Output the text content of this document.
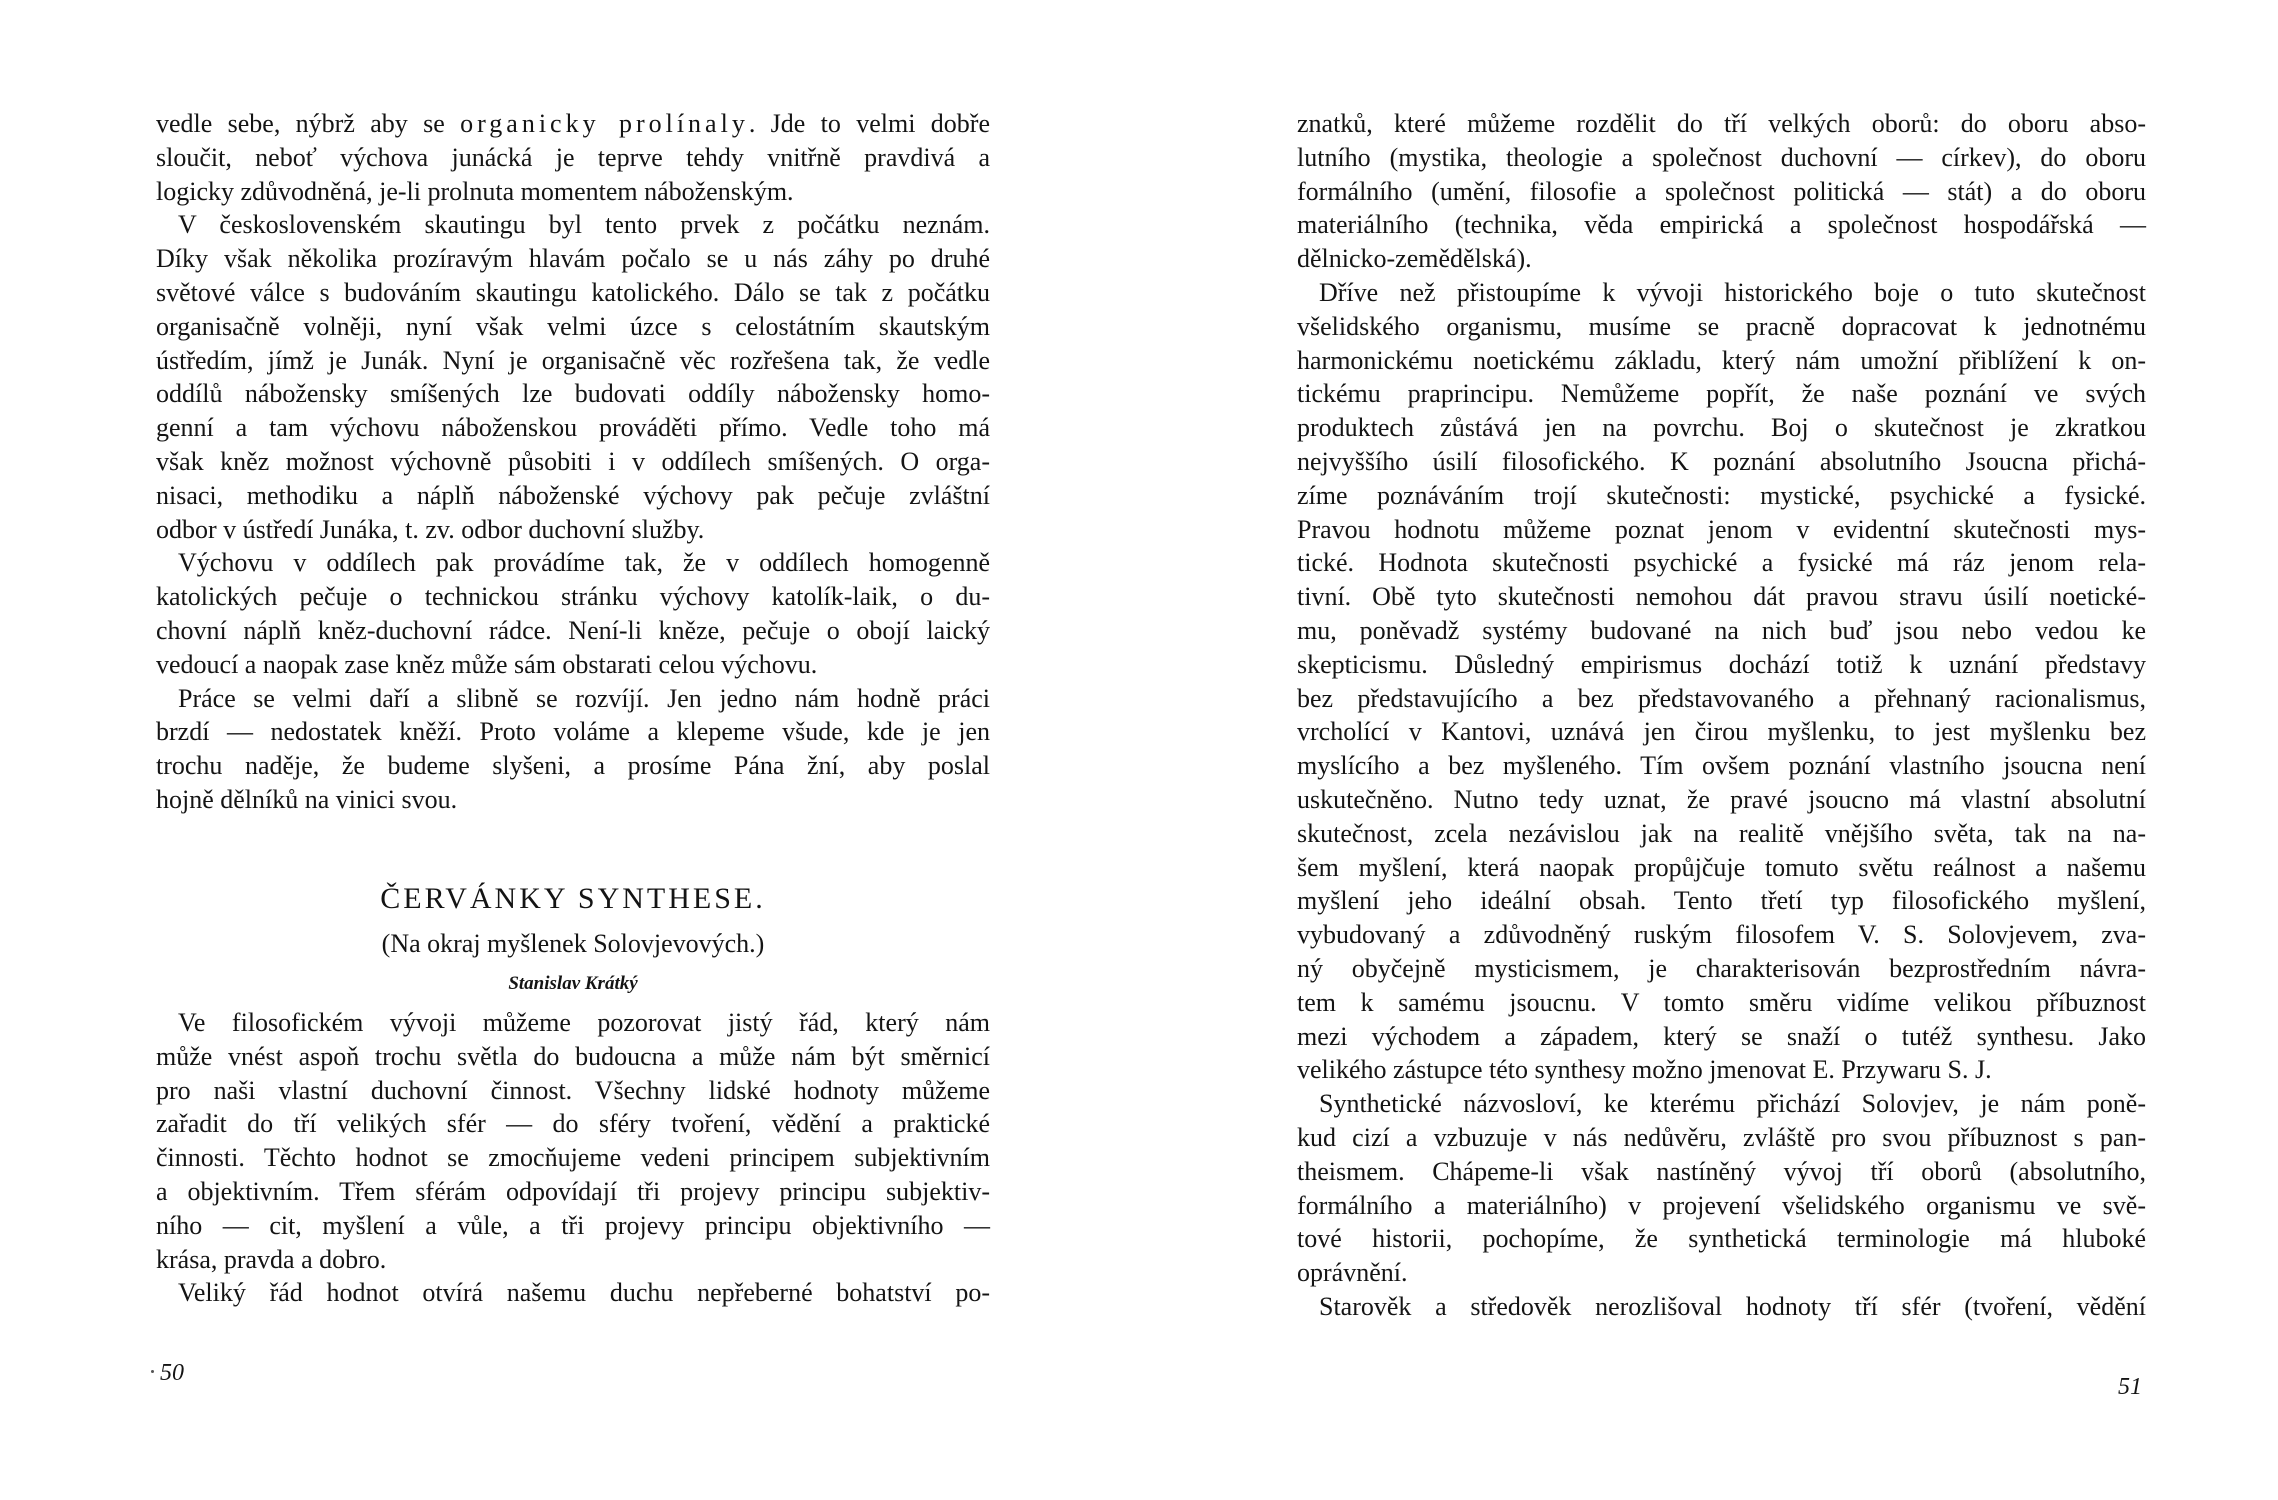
vedle sebe, nýbrž aby se organicky prolínaly. Jde to velmi dobře
sloučit, neboť výchova junácká je teprve tehdy vnitřně pravdivá a
logicky zdůvodněná, je-li prolnuta momentem náboženským.
V československém skautingu byl tento prvek z počátku neznám.
Díky však několika prozíravým hlavám počalo se u nás záhy po druhé
světové válce s budováním skautingu katolického. Dálo se tak z počátku
organisačně volněji, nyní však velmi úzce s celostátním skautským
ústředím, jímž je Junák. Nyní je organisačně věc rozřešena tak, že vedle
oddílů nábožensky smíšených lze budovati oddíly nábožensky homo-
genní a tam výchovu náboženskou prováděti přímo. Vedle toho má
však kněz možnost výchovně působiti i v oddílech smíšených. O orga-
nisaci, methodiku a náplň náboženské výchovy pak pečuje zvláštní
odbor v ústředí Junáka, t. zv. odbor duchovní služby.
Výchovu v oddílech pak provádíme tak, že v oddílech homogenně
katolických pečuje o technickou stránku výchovy katolík-laik, o du-
chovní náplň kněz-duchovní rádce. Není-li kněze, pečuje o obojí laický
vedoucí a naopak zase kněz může sám obstarati celou výchovu.
Práce se velmi daří a slibně se rozvíjí. Jen jedno nám hodně práci
brzdí — nedostatek kněží. Proto voláme a klepeme všude, kde je jen
trochu naděje, že budeme slyšeni, a prosíme Pána žní, aby poslal
hojně dělníků na vinici svou.
ČERVÁNKY SYNTHESE.
(Na okraj myšlenek Solovjevových.)
Stanislav Krátký
Ve filosofickém vývoji můžeme pozorovat jistý řád, který nám
může vnést aspoň trochu světla do budoucna a může nám být směrnicí
pro naši vlastní duchovní činnost. Všechny lidské hodnoty můžeme
zařadit do tří velikých sfér — do sféry tvoření, vědění a praktické
činnosti. Těchto hodnot se zmocňujeme vedeni principem subjektivním
a objektivním. Třem sférám odpovídají tři projevy principu subjektiv-
ního — cit, myšlení a vůle, a tři projevy principu objektivního —
krása, pravda a dobro.
Veliký řád hodnot otvírá našemu duchu nepřeberné bohatství po-
50
znatků, které můžeme rozdělit do tří velkých oborů: do oboru abso-
lutního (mystika, theologie a společnost duchovní — církev), do oboru
formálního (umění, filosofie a společnost politická — stát) a do oboru
materiálního (technika, věda empirická a společnost hospodářská —
dělnicko-zemědělská).
Dříve než přistoupíme k vývoji historického boje o tuto skutečnost
všelidského organismu, musíme se pracně dopracovat k jednotnému
harmonickému noetickému základu, který nám umožní přiblížení k on-
tickému praprincipu. Nemůžeme popřít, že naše poznání ve svých
produktech zůstává jen na povrchu. Boj o skutečnost je zkratkou
nejvyššího úsilí filosofického. K poznání absolutního Jsoucna přichá-
zíme poznáváním trojí skutečnosti: mystické, psychické a fysické.
Pravou hodnotu můžeme poznat jenom v evidentní skutečnosti mys-
tické. Hodnota skutečnosti psychické a fysické má ráz jenom rela-
tivní. Obě tyto skutečnosti nemohou dát pravou stravu úsilí noetické-
mu, poněvadž systémy budované na nich buď jsou nebo vedou ke
skepticismu. Důsledný empirismus dochází totiž k uznání představy
bez představujícího a bez představovaného a přehnaný racionalismus,
vrcholící v Kantovi, uznává jen čirou myšlenku, to jest myšlenku bez
myslícího a bez myšleného. Tím ovšem poznání vlastního jsoucna není
uskutečněno. Nutno tedy uznat, že pravé jsoucno má vlastní absolutní
skutečnost, zcela nezávislou jak na realitě vnějšího světa, tak na na-
šem myšlení, která naopak propůjčuje tomuto světu reálnost a našemu
myšlení jeho ideální obsah. Tento třetí typ filosofického myšlení,
vybudovaný a zdůvodněný ruským filosofem V. S. Solovjevem, zva-
ný obyčejně mysticismem, je charakterisován bezprostředním návra-
tem k samému jsoucnu. V tomto směru vidíme velikou příbuznost
mezi východem a západem, který se snaží o tutéž synthesu. Jako
velikého zástupce této synthesy možno jmenovat E. Przywaru S. J.
Synthetické názvosloví, ke kterému přichází Solovjev, je nám poně-
kud cizí a vzbuzuje v nás nedůvěru, zvláště pro svou příbuznost s pan-
theismem. Chápeme-li však nastíněný vývoj tří oborů (absolutního,
formálního a materiálního) v projevení všelidského organismu ve svě-
tové historii, pochopíme, že synthetická terminologie má hluboké
oprávnění.
Starověk a středověk nerozlišoval hodnoty tří sfér (tvoření, vědění
51
